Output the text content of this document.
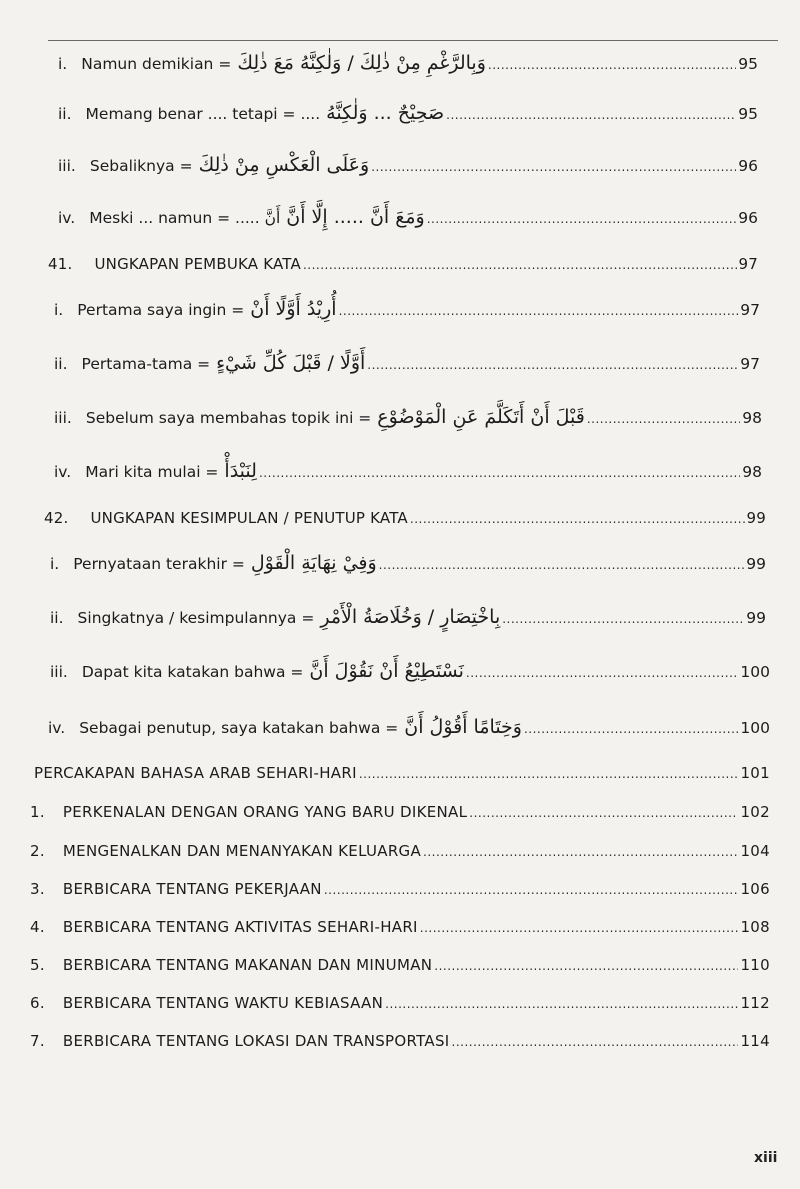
i. Namun demikian = وَبِالرَّغْمِ مِنْ ذٰلِكَ / وَلٰكِنَّهُ مَعَ ذٰلِكَ .....	95
ii. Memang benar .... tetapi = .... صَحِيْحٌ ... وَلٰكِنَّهُ .....	95
iii. Sebaliknya = وَعَلَى الْعَكْسِ مِنْ ذٰلِكَ .....	96
iv. Meski ... namun = ..... أَنَّ وَمَعَ أَنَّ ..... إِلَّا أَنَّ .....	96
41. UNGKAPAN PEMBUKA KATA .....	97
i. Pertama saya ingin = أُرِيْدُ أَوَّلًا أَنْ .....	97
ii. Pertama-tama = أَوَّلًا / قَبْلَ كُلِّ شَيْءٍ .....	97
iii. Sebelum saya membahas topik ini = قَبْلَ أَنْ أَتَكَلَّمَ عَنِ الْمَوْضُوْعِ .....	98
iv. Mari kita mulai = لِنَبْدَأْ .....	98
42. UNGKAPAN KESIMPULAN / PENUTUP KATA .....	99
i. Pernyataan terakhir = وَفِيْ نِهَايَةِ الْقَوْلِ .....	99
ii. Singkatnya / kesimpulannya = بِاخْتِصَارٍ / وَخُلَاصَةُ الْأَمْرِ .....	99
iii. Dapat kita katakan bahwa = نَسْتَطِيْعُ أَنْ نَقُوْلَ أَنَّ .....	100
iv. Sebagai penutup, saya katakan bahwa = وَخِتَامًا أَقُوْلُ أَنَّ .....	100
PERCAKAPAN BAHASA ARAB SEHARI-HARI .....	101
1. PERKENALAN DENGAN ORANG YANG BARU DIKENAL .....	102
2. MENGENALKAN DAN MENANYAKAN KELUARGA .....	104
3. BERBICARA TENTANG PEKERJAAN .....	106
4. BERBICARA TENTANG AKTIVITAS SEHARI-HARI .....	108
5. BERBICARA TENTANG MAKANAN DAN MINUMAN .....	110
6. BERBICARA TENTANG WAKTU KEBIASAAN .....	112
7. BERBICARA TENTANG LOKASI DAN TRANSPORTASI .....	114
xiii
